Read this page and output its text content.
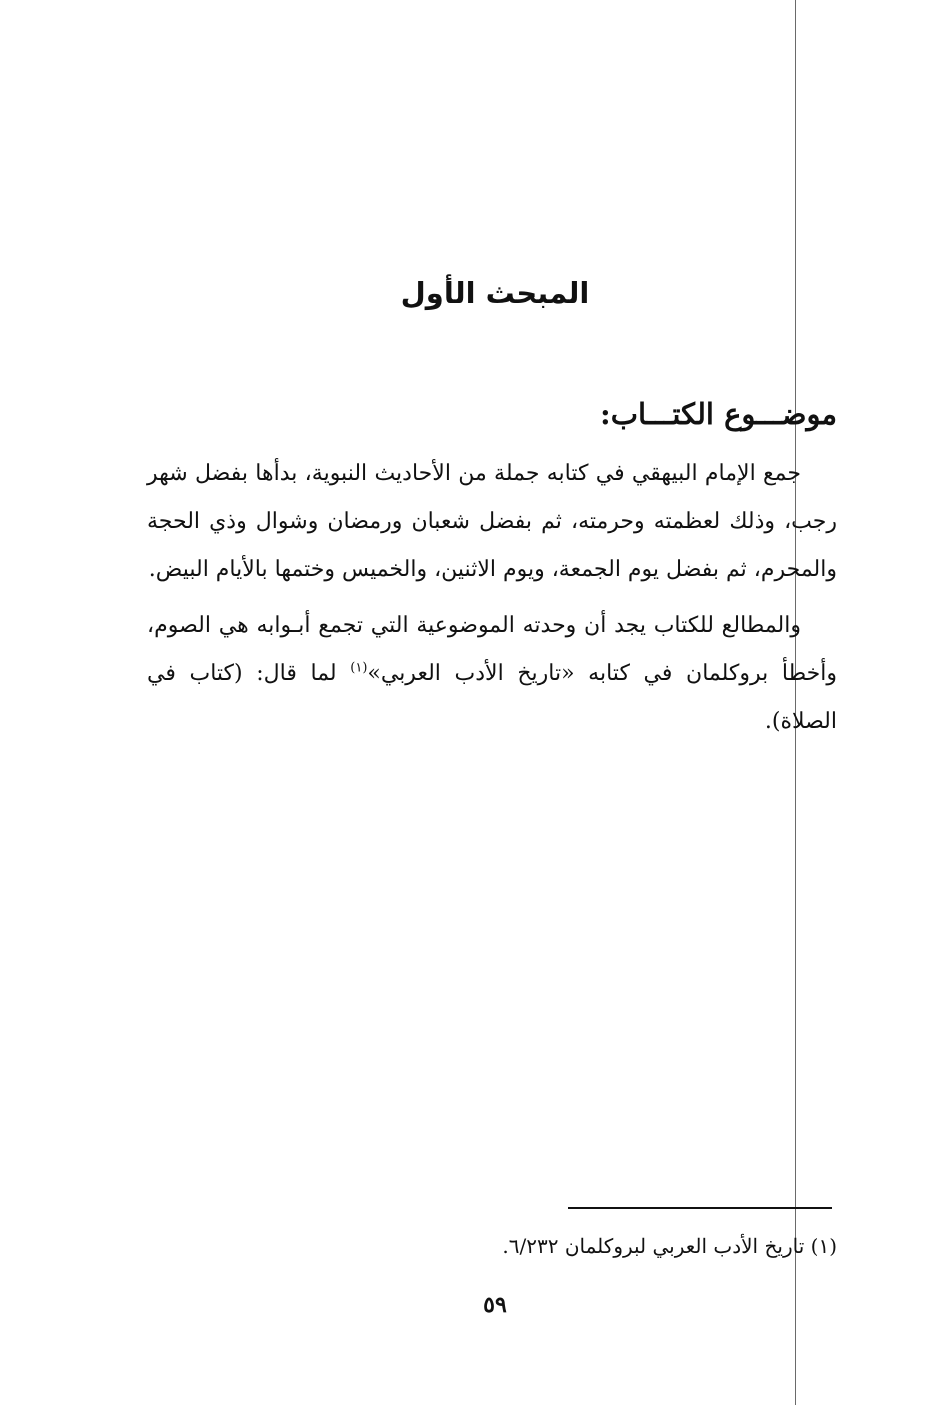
المبحث الأول
موضـــوع الكتـــاب:

جمع الإمام البيهقي في كتابه جملة من الأحاديث النبوية، بدأها بفضل شهر رجب، وذلك لعظمته وحرمته، ثم بفضل شعبان ورمضان وشوال وذي الحجة والمحرم، ثم بفضل يوم الجمعة، ويوم الاثنين، والخميس وختمها بالأيام البيض.

والمطالع للكتاب يجد أن وحدته الموضوعية التي تجمع أبـوابه هي الصوم، وأخطأ بروكلمان في كتابه «تاريخ الأدب العربي»$^{(١)}$ لما قال: (كتاب في الصلاة).

(١) تاريخ الأدب العربي لبروكلمان ٦/٢٣٢.
٥٩
